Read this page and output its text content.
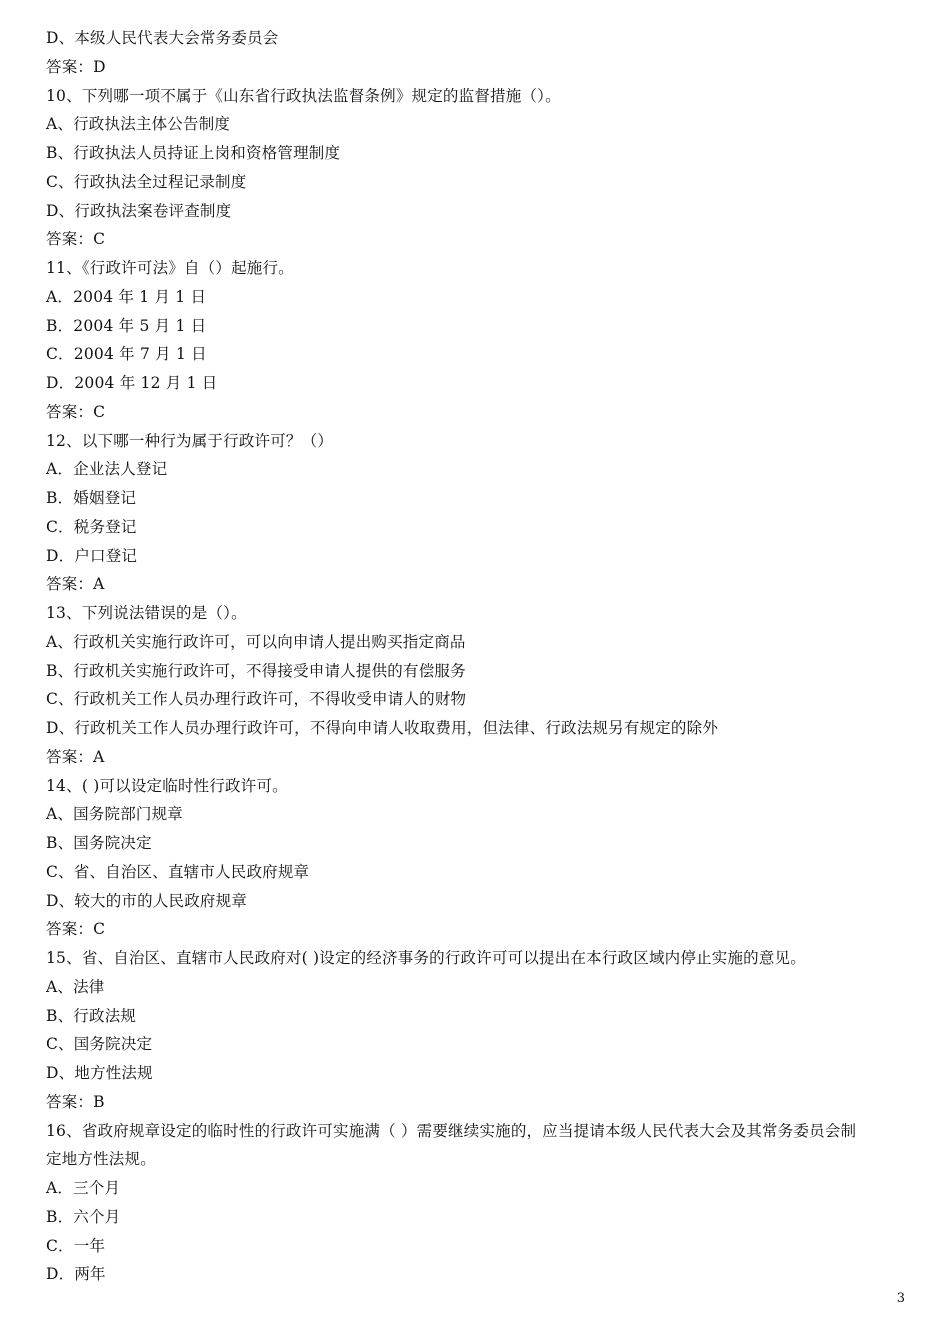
D、本级人民代表大会常务委员会
答案：D
10、下列哪一项不属于《山东省行政执法监督条例》规定的监督措施（）。
A、行政执法主体公告制度
B、行政执法人员持证上岗和资格管理制度
C、行政执法全过程记录制度
D、行政执法案卷评查制度
答案：C
11、《行政许可法》自（）起施行。
A．2004 年 1 月 1 日
B．2004 年 5 月 1 日
C．2004 年 7 月 1 日
D．2004 年 12 月 1 日
答案：C
12、以下哪一种行为属于行政许可？（）
A．企业法人登记
B．婚姻登记
C．税务登记
D．户口登记
答案：A
13、下列说法错误的是（）。
A、行政机关实施行政许可，可以向申请人提出购买指定商品
B、行政机关实施行政许可，不得接受申请人提供的有偿服务
C、行政机关工作人员办理行政许可，不得收受申请人的财物
D、行政机关工作人员办理行政许可，不得向申请人收取费用，但法律、行政法规另有规定的除外
答案：A
14、( )可以设定临时性行政许可。
A、国务院部门规章
B、国务院决定
C、省、自治区、直辖市人民政府规章
D、较大的市的人民政府规章
答案：C
15、省、自治区、直辖市人民政府对( )设定的经济事务的行政许可可以提出在本行政区域内停止实施的意见。
A、法律
B、行政法规
C、国务院决定
D、地方性法规
答案：B
16、省政府规章设定的临时性的行政许可实施满（ ）需要继续实施的，应当提请本级人民代表大会及其常务委员会制
定地方性法规。
A．三个月
B．六个月
C．一年
D．两年
3
